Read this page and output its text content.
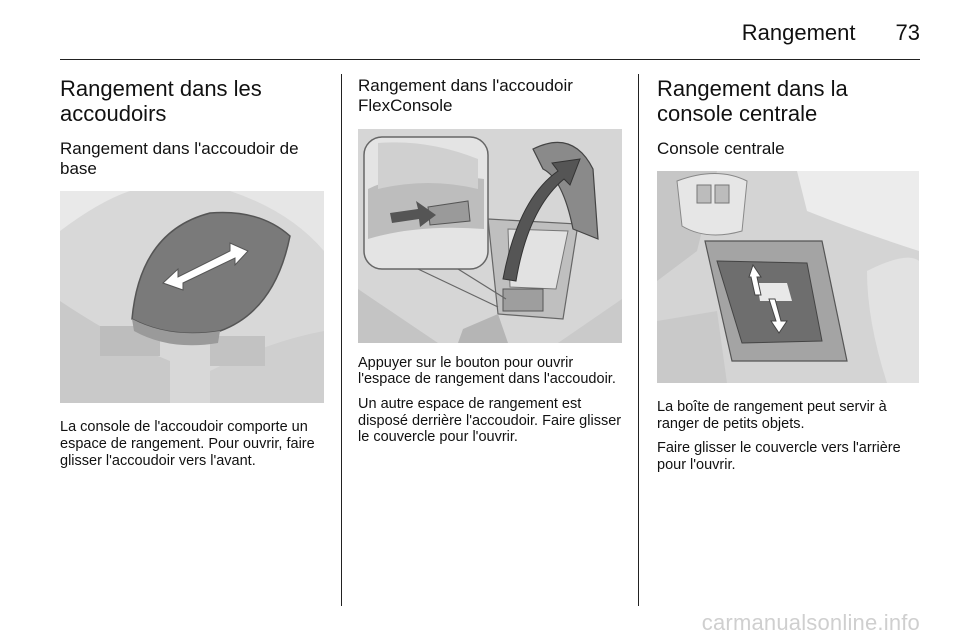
Rangement 73
Rangement dans les accoudoirs
Rangement dans l'accoudoir de base

La console de l'accoudoir comporte un espace de rangement. Pour ouvrir, faire glisser l'accoudoir vers l'avant.

Rangement dans l'accoudoir FlexConsole

Appuyer sur le bouton pour ouvrir l'espace de rangement dans l'accoudoir.

Un autre espace de rangement est disposé derrière l'accoudoir. Faire glisser le couvercle pour l'ouvrir.

Rangement dans la console centrale
Console centrale

La boîte de rangement peut servir à ranger de petits objets.

Faire glisser le couvercle vers l'arrière pour l'ouvrir.

carmanualsonline.info
